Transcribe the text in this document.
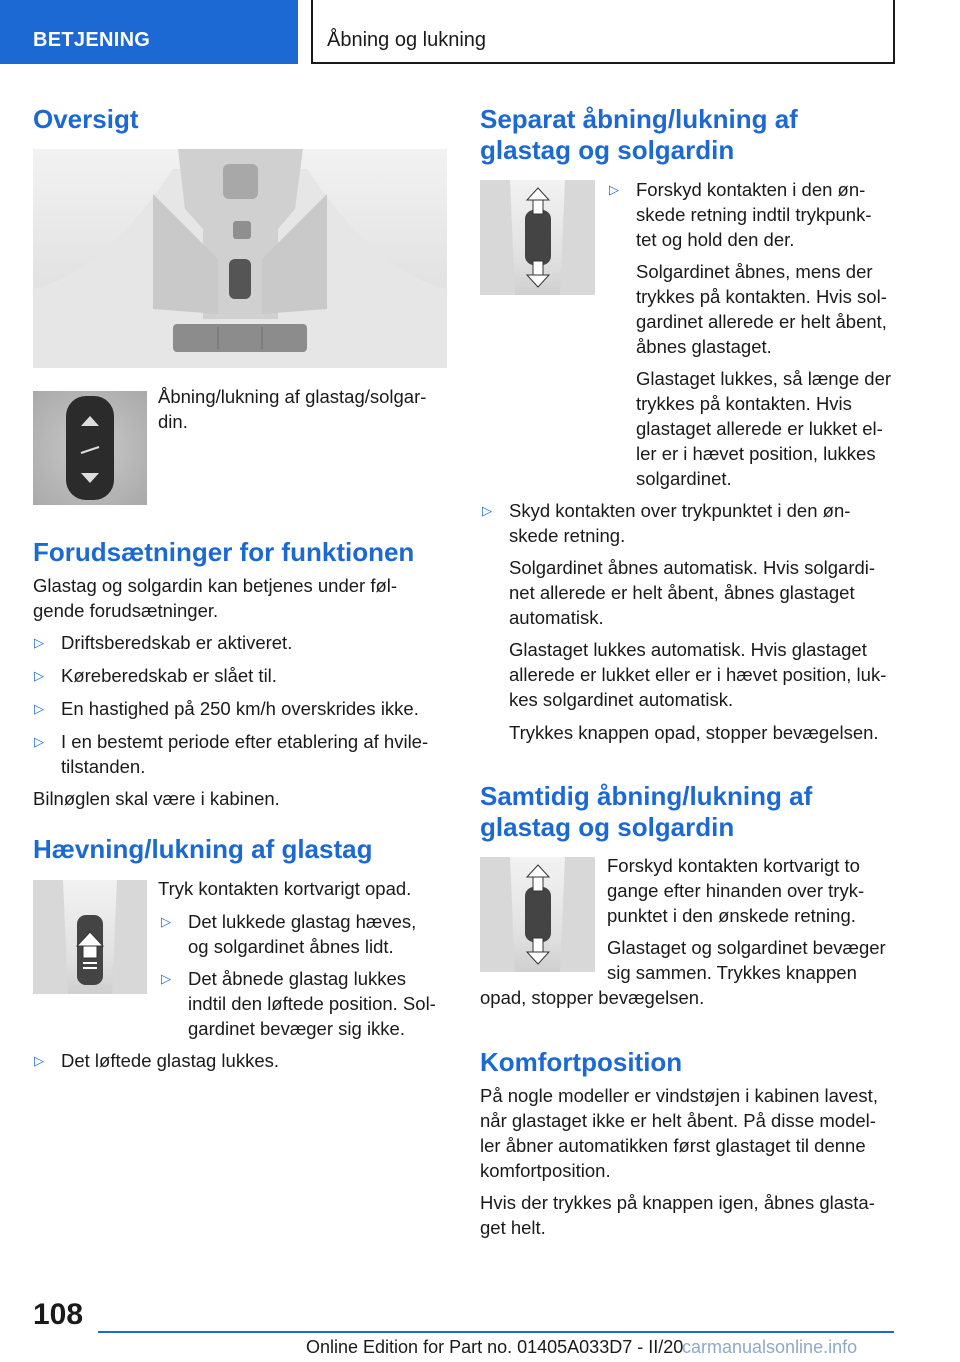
BETJENING	Åbning og lukning
Oversigt

Åbning/lukning af glastag/solgar-

din.

Forudsætninger for funktionen

Glastag og solgardin kan betjenes under føl-

gende forudsætninger.

▷ Driftsberedskab er aktiveret.

▷ Køreberedskab er slået til.

▷ En hastighed på 250 km/h overskrides ikke.

▷ I en bestemt periode efter etablering af hvile-

tilstanden.

Bilnøglen skal være i kabinen.

Hævning/lukning af glastag

Tryk kontakten kortvarigt opad.

▷ Det lukkede glastag hæves,

og solgardinet åbnes lidt.

▷ Det åbnede glastag lukkes

indtil den løftede position. Sol-

gardinet bevæger sig ikke.

▷ Det løftede glastag lukkes.

Separat åbning/lukning af
glastag og solgardin
▷ Forskyd kontakten i den øn-

skede retning indtil trykpunk-

tet og hold den der.

Solgardinet åbnes, mens der

trykkes på kontakten. Hvis sol-

gardinet allerede er helt åbent,

åbnes glastaget.

Glastaget lukkes, så længe der

trykkes på kontakten. Hvis

glastaget allerede er lukket el-

ler er i hævet position, lukkes

solgardinet.

▷ Skyd kontakten over trykpunktet i den øn-

skede retning.

Solgardinet åbnes automatisk. Hvis solgardi-

net allerede er helt åbent, åbnes glastaget

automatisk.

Glastaget lukkes automatisk. Hvis glastaget

allerede er lukket eller er i hævet position, luk-

kes solgardinet automatisk.

Trykkes knappen opad, stopper bevægelsen.

Samtidig åbning/lukning af
glastag og solgardin

Forskyd kontakten kortvarigt to

gange efter hinanden over tryk-

punktet i den ønskede retning.

Glastaget og solgardinet bevæger

sig sammen. Trykkes knappen

opad, stopper bevægelsen.

Komfortposition

På nogle modeller er vindstøjen i kabinen lavest,

når glastaget ikke er helt åbent. På disse model-

ler åbner automatikken først glastaget til denne

komfortposition.

Hvis der trykkes på knappen igen, åbnes glasta-

get helt.

108
Online Edition for Part no. 01405A033D7 - II/20
carmanualsonline.info
